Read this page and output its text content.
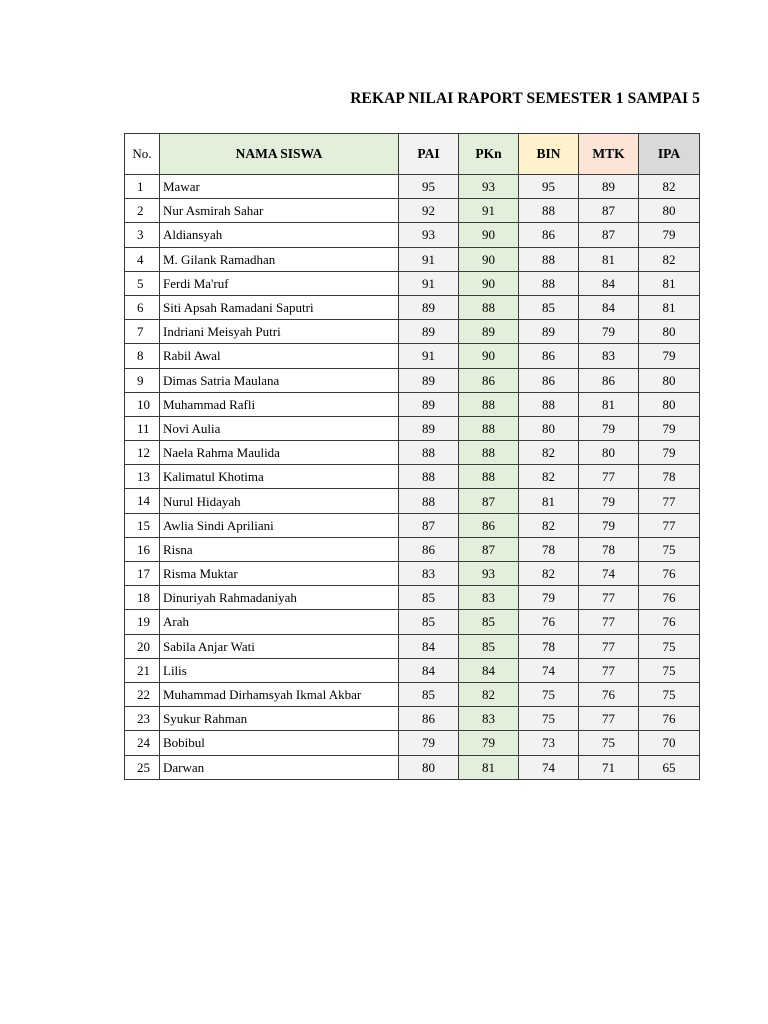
REKAP NILAI RAPORT SEMESTER 1 SAMPAI 5
No.	NAMA SISWA	PAI	PKn	BIN	MTK	IPA
1	Mawar	95	93	95	89	82
2	Nur Asmirah Sahar	92	91	88	87	80
3	Aldiansyah	93	90	86	87	79
4	M. Gilank Ramadhan	91	90	88	81	82
5	Ferdi Ma'ruf	91	90	88	84	81
6	Siti Apsah Ramadani Saputri	89	88	85	84	81
7	Indriani Meisyah Putri	89	89	89	79	80
8	Rabil Awal	91	90	86	83	79
9	Dimas Satria Maulana	89	86	86	86	80
10	Muhammad Rafli	89	88	88	81	80
11	Novi Aulia	89	88	80	79	79
12	Naela Rahma Maulida	88	88	82	80	79
13	Kalimatul Khotima	88	88	82	77	78
14	Nurul Hidayah	88	87	81	79	77
15	Awlia Sindi Apriliani	87	86	82	79	77
16	Risna	86	87	78	78	75
17	Risma Muktar	83	93	82	74	76
18	Dinuriyah Rahmadaniyah	85	83	79	77	76
19	Arah	85	85	76	77	76
20	Sabila Anjar Wati	84	85	78	77	75
21	Lilis	84	84	74	77	75
22	Muhammad Dirhamsyah Ikmal Akbar	85	82	75	76	75
23	Syukur Rahman	86	83	75	77	76
24	Bobibul	79	79	73	75	70
25	Darwan	80	81	74	71	65
